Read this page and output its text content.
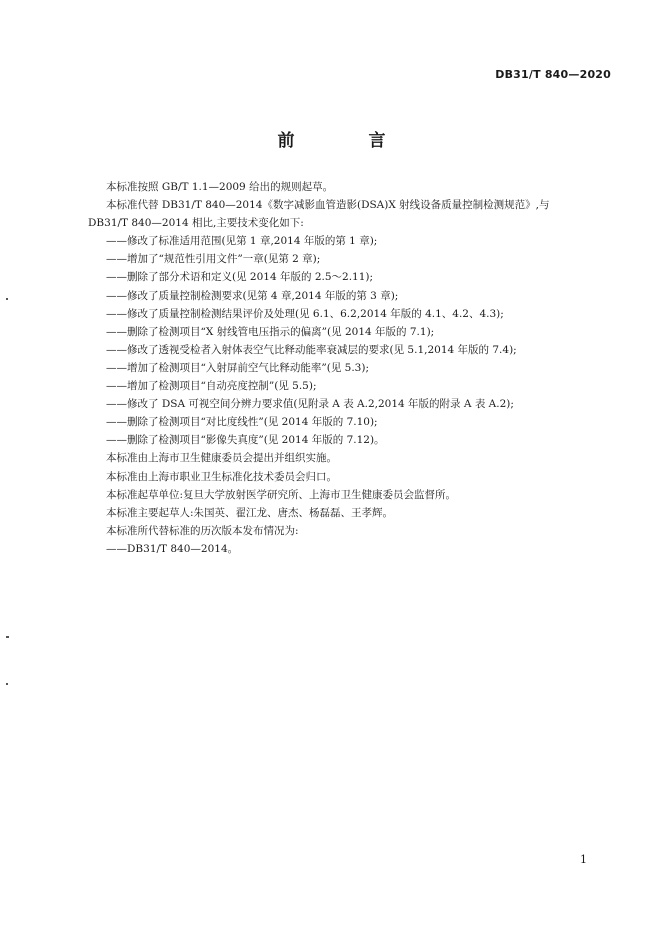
DB31/T 840—2020
前 言
本标准按照 GB/T 1.1—2009 给出的规则起草。
本标准代替 DB31/T 840—2014《数字减影血管造影(DSA)X 射线设备质量控制检测规范》,与
DB31/T 840—2014 相比,主要技术变化如下:
——修改了标准适用范围(见第 1 章,2014 年版的第 1 章);
——增加了“规范性引用文件”一章(见第 2 章);
——删除了部分术语和定义(见 2014 年版的 2.5～2.11);
——修改了质量控制检测要求(见第 4 章,2014 年版的第 3 章);
——修改了质量控制检测结果评价及处理(见 6.1、6.2,2014 年版的 4.1、4.2、4.3);
——删除了检测项目“X 射线管电压指示的偏离”(见 2014 年版的 7.1);
——修改了透视受检者入射体表空气比释动能率衰减层的要求(见 5.1,2014 年版的 7.4);
——增加了检测项目“入射屏前空气比释动能率”(见 5.3);
——增加了检测项目“自动亮度控制”(见 5.5);
——修改了 DSA 可视空间分辨力要求值(见附录 A 表 A.2,2014 年版的附录 A 表 A.2);
——删除了检测项目“对比度线性”(见 2014 年版的 7.10);
——删除了检测项目“影像失真度”(见 2014 年版的 7.12)。
本标准由上海市卫生健康委员会提出并组织实施。
本标准由上海市职业卫生标准化技术委员会归口。
本标准起草单位:复旦大学放射医学研究所、上海市卫生健康委员会监督所。
本标准主要起草人:朱国英、翟江龙、唐杰、杨磊磊、王孝辉。
本标准所代替标准的历次版本发布情况为:
——DB31/T 840—2014。
1
